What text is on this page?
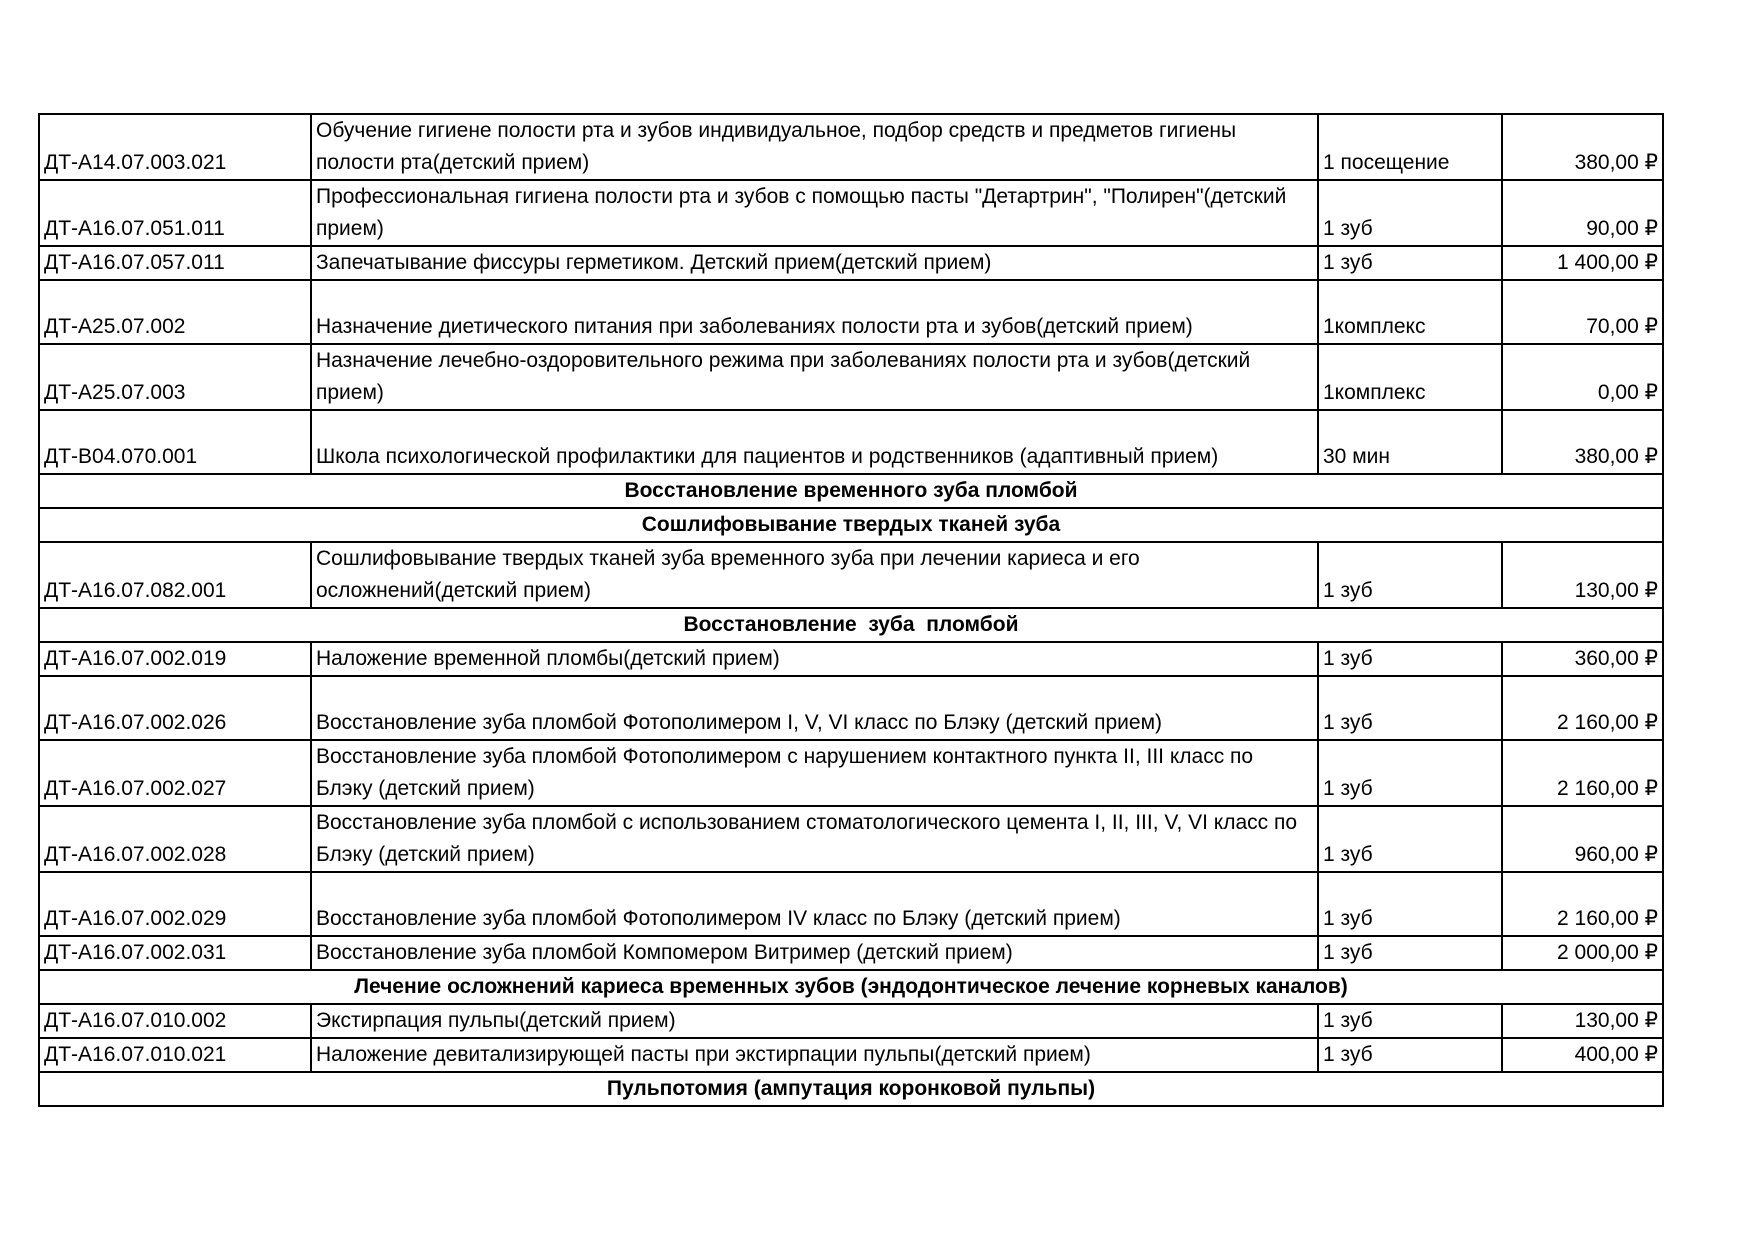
ДТ-A14.07.003.021	Обучение гигиене полости рта и зубов индивидуальное, подбор средств и предметов гигиены полости рта(детский прием)	1 посещение	380,00 ₽
ДТ-A16.07.051.011	Профессиональная гигиена полости рта и зубов с помощью пасты "Детартрин", "Полирен"(детский прием)	1 зуб	90,00 ₽
ДТ-A16.07.057.011	Запечатывание фиссуры герметиком. Детский прием(детский прием)	1 зуб	1 400,00 ₽
ДТ-A25.07.002	Назначение диетического питания при заболеваниях полости рта и зубов(детский прием)	1комплекс	70,00 ₽
ДТ-A25.07.003	Назначение лечебно-оздоровительного режима при заболеваниях полости рта и зубов(детский прием)	1комплекс	0,00 ₽
ДТ-B04.070.001	Школа психологической профилактики для пациентов и родственников (адаптивный прием)	30 мин	380,00 ₽
Восстановление временного зуба пломбой			
Сошлифовывание твердых тканей зуба			
ДТ-A16.07.082.001	Сошлифовывание твердых тканей зуба временного зуба при лечении кариеса и его осложнений(детский прием)	1 зуб	130,00 ₽
Восстановление  зуба  пломбой			
ДТ-A16.07.002.019	Наложение временной пломбы(детский прием)	1 зуб	360,00 ₽
ДТ-A16.07.002.026	Восстановление зуба пломбой Фотополимером I, V, VI класс по Блэку (детский прием)	1 зуб	2 160,00 ₽
ДТ-A16.07.002.027	Восстановление зуба пломбой Фотополимером с нарушением контактного пункта II, III класс по Блэку (детский прием)	1 зуб	2 160,00 ₽
ДТ-A16.07.002.028	Восстановление зуба пломбой с использованием стоматологического цемента I, II, III, V, VI класс по Блэку (детский прием)	1 зуб	960,00 ₽
ДТ-A16.07.002.029	Восстановление зуба пломбой Фотополимером IV класс по Блэку (детский прием)	1 зуб	2 160,00 ₽
ДТ-A16.07.002.031	Восстановление зуба пломбой Компомером Витример (детский прием)	1 зуб	2 000,00 ₽
Лечение осложнений кариеса временных зубов (эндодонтическое лечение корневых каналов)			
ДТ-A16.07.010.002	Экстирпация пульпы(детский прием)	1 зуб	130,00 ₽
ДТ-A16.07.010.021	Наложение девитализирующей пасты при экстирпации пульпы(детский прием)	1 зуб	400,00 ₽
Пульпотомия (ампутация коронковой пульпы)			
